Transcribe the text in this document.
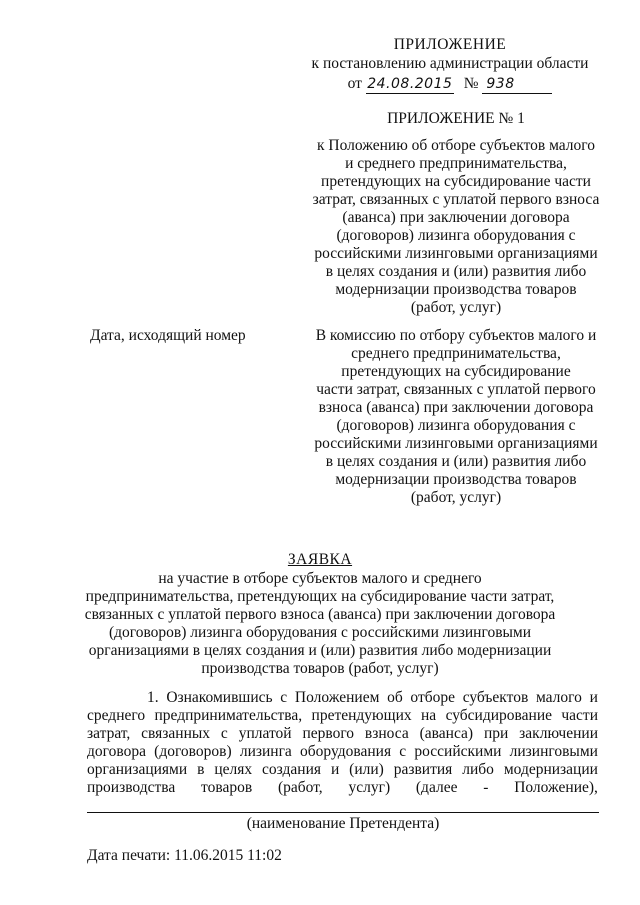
ПРИЛОЖЕНИЕ
к постановлению администрации области
от 24.08.2015 № 938
ПРИЛОЖЕНИЕ № 1
к Положению об отборе субъектов малого
и среднего предпринимательства,
претендующих на субсидирование части
затрат, связанных с уплатой первого взноса
(аванса) при заключении договора
(договоров) лизинга оборудования с
российскими лизинговыми организациями
в целях создания и (или) развития либо
модернизации производства товаров
(работ, услуг)
Дата, исходящий номер	В комиссию по отбору субъектов малого и
среднего предпринимательства,
претендующих на субсидирование
части затрат, связанных с уплатой первого
взноса (аванса) при заключении договора
(договоров) лизинга оборудования с
российскими лизинговыми организациями
в целях создания и (или) развития либо
модернизации производства товаров
(работ, услуг)
ЗАЯВКА
на участие в отборе субъектов малого и среднего
предпринимательства, претендующих на субсидирование части затрат,
связанных с уплатой первого взноса (аванса) при заключении договора
(договоров) лизинга оборудования с российскими лизинговыми
организациями в целях создания и (или) развития либо модернизации
производства товаров (работ, услуг)
1. Ознакомившись с Положением об отборе субъектов малого и
среднего предпринимательства, претендующих на субсидирование части
затрат, связанных с уплатой первого взноса (аванса) при заключении
договора (договоров) лизинга оборудования с российскими лизинговыми
организациями в целях создания и (или) развития либо модернизации
производства товаров (работ, услуг) (далее - Положение),
(наименование Претендента)
Дата печати: 11.06.2015 11:02
